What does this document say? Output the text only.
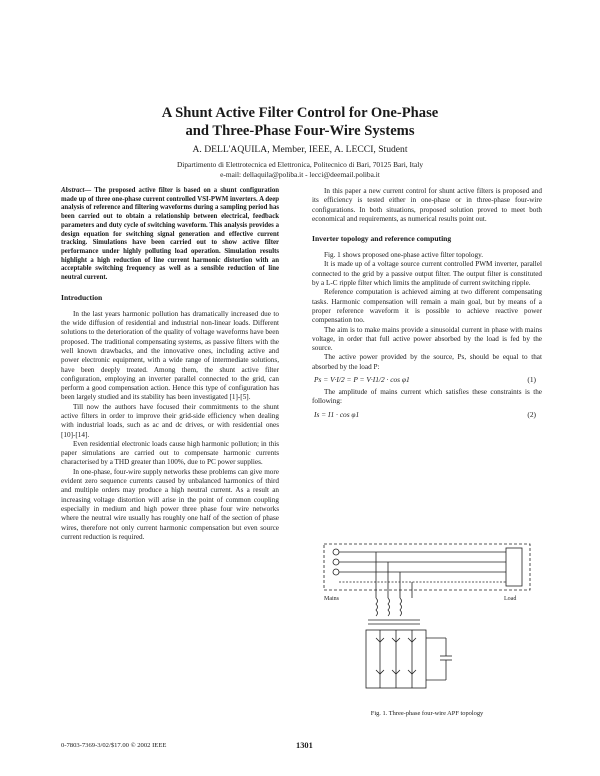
A Shunt Active Filter Control for One-Phase
and Three-Phase Four-Wire Systems
A. DELL'AQUILA, Member, IEEE, A. LECCI, Student
Dipartimento di Elettrotecnica ed Elettronica, Politecnico di Bari, 70125 Bari, Italy
e-mail: dellaquila@poliba.it - lecci@deemail.poliba.it

Abstract— The proposed active filter is based on a shunt configuration made up of three one-phase current controlled VSI-PWM inverters. A deep analysis of reference and filtering waveforms during a sampling period has been carried out to obtain a relationship between electrical, feedback parameters and duty cycle of switching waveform. This analysis provides a design equation for switching signal generation and effective current tracking. Simulations have been carried out to show active filter performance under highly polluting load operation. Simulation results highlight a high reduction of line current harmonic distortion with an acceptable switching frequency as well as a sensible reduction of line neutral current.

Introduction

In the last years harmonic pollution has dramatically increased due to the wide diffusion of residential and industrial non-linear loads. Different solutions to the deterioration of the quality of voltage waveforms have been proposed. The traditional compensating systems, as passive filters with the well known drawbacks, and the innovative ones, including active and power electronic equipment, with a wide range of intermediate solutions, have been deeply treated. Among them, the shunt active filter configuration, employing an inverter parallel connected to the grid, can perform a good compensation action. Hence this type of configuration has been largely studied and its stability has been investigated [1]-[5].

Till now the authors have focused their commitments to the shunt active filters in order to improve their grid-side efficiency when dealing with industrial loads, such as ac and dc drives, or with residential ones [10]-[14].

Even residential electronic loads cause high harmonic pollution; in this paper simulations are carried out to compensate harmonic currents characterised by a THD greater than 100%, due to PC power supplies.

In one-phase, four-wire supply networks these problems can give more evident zero sequence currents caused by unbalanced harmonics of third and multiple orders may produce a high neutral current. As a result an increasing voltage distortion will arise in the point of common coupling especially in medium and high power three phase four wire networks where the neutral wire usually has roughly one half of the section of phase wires, therefore not only current harmonic compensation but even source current reduction is required.

In this paper a new current control for shunt active filters is proposed and its efficiency is tested either in one-phase or in three-phase four-wire configurations. In both situations, proposed solution proved to meet both economical and requirements, as numerical results point out.

Inverter topology and reference computing

Fig. 1 shows proposed one-phase active filter topology.

It is made up of a voltage source current controlled PWM inverter, parallel connected to the grid by a passive output filter. The output filter is constituted by a L-C ripple filter which limits the amplitude of current switching ripple.

Reference computation is achieved aiming at two different compensating tasks. Harmonic compensation will remain a main goal, but by means of a proper reference waveform it is possible to achieve reactive power compensation too.

The aim is to make mains provide a sinusoidal current in phase with mains voltage, in order that full active power absorbed by the load is fed by the source.

The active power provided by the source, Ps, should be equal to that absorbed by the load P:

Ps = V·I/2 = P = V·I1/2 · cos φ1	(1)

The amplitude of mains current which satisfies these constraints is the following:

Is = I1 · cos φ1	(2)
Mains	Load
Fig. 1. Three-phase four-wire APF topology
0-7803-7369-3/02/$17.00 © 2002 IEEE	1301
